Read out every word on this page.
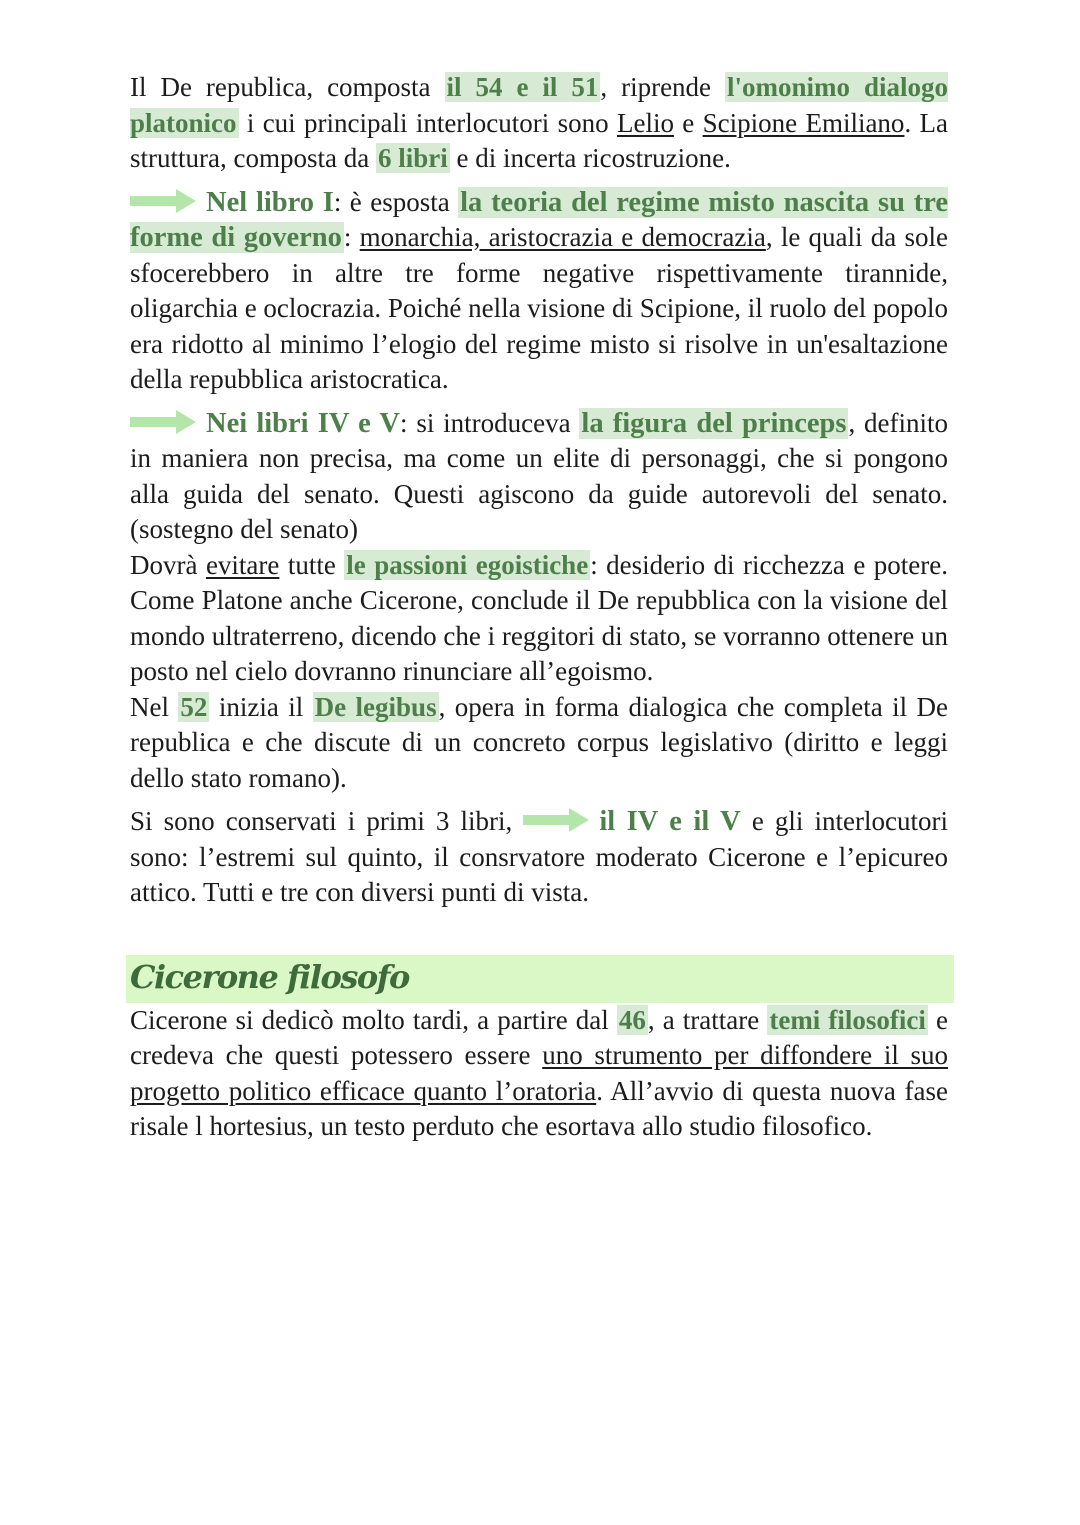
Il De republica, composta il 54 e il 51, riprende l'omonimo dialogo platonico i cui principali interlocutori sono Lelio e Scipione Emiliano. La struttura, composta da 6 libri e di incerta ricostruzione.

Nel libro I: è esposta la teoria del regime misto nascita su tre forme di governo: monarchia, aristocrazia e democrazia, le quali da sole sfocerebbero in altre tre forme negative rispettivamente tirannide, oligarchia e oclocrazia. Poiché nella visione di Scipione, il ruolo del popolo era ridotto al minimo l’elogio del regime misto si risolve in un'esaltazione della repubblica aristocratica.

Nei libri IV e V: si introduceva la figura del princeps, definito in maniera non precisa, ma come un elite di personaggi, che si pongono alla guida del senato. Questi agiscono da guide autorevoli del senato. (sostegno del senato)

Dovrà evitare tutte le passioni egoistiche: desiderio di ricchezza e potere. Come Platone anche Cicerone, conclude il De repubblica con la visione del mondo ultraterreno, dicendo che i reggitori di stato, se vorranno ottenere un posto nel cielo dovranno rinunciare all’egoismo.

Nel 52 inizia il De legibus, opera in forma dialogica che completa il De republica e che discute di un concreto corpus legislativo (diritto e leggi dello stato romano).

Si sono conservati i primi 3 libri,	il IV e il V e gli interlocutori sono: l’estremi sul quinto, il consrvatore moderato Cicerone e l’epicureo attico. Tutti e tre con diversi punti di vista.

Cicerone filosofo

Cicerone si dedicò molto tardi, a partire dal 46, a trattare temi filosofici e credeva che questi potessero essere uno strumento per diffondere il suo progetto politico efficace quanto l’oratoria. All’avvio di questa nuova fase risale l hortesius, un testo perduto che esortava allo studio filosofico.
